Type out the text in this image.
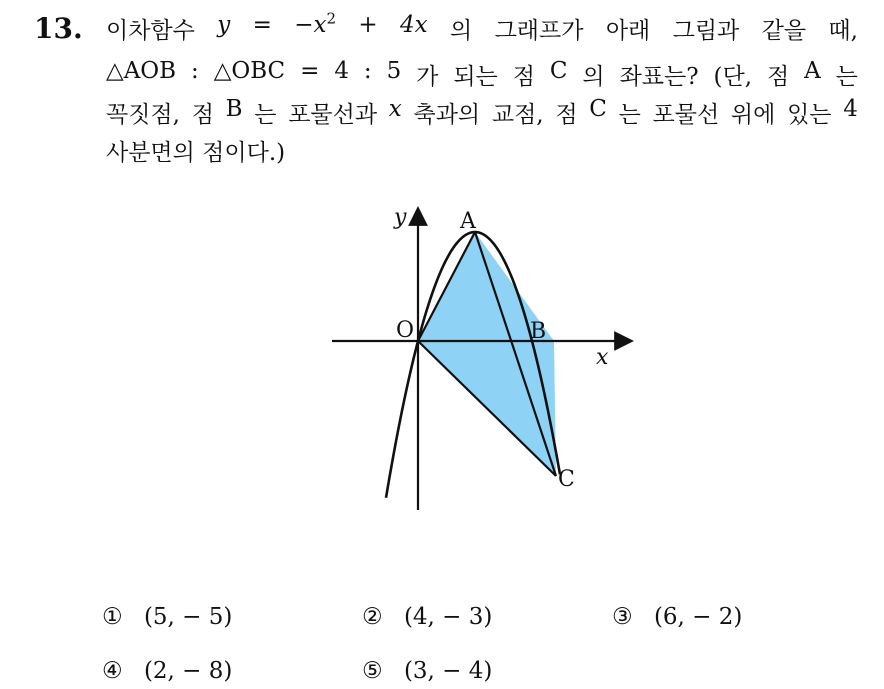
13. 이차함수 $y = -x^2 + 4x$ 의 그래프가 아래 그림과 같을 때,
△AOB : △OBC = 4 : 5 가 되는 점 C 의 좌표는? (단, 점 A 는
꼭짓점, 점 B 는 포물선과 x 축과의 교점, 점 C 는 포물선 위에 있는 4
사분면의 점이다.)
y
x
O
A
B
C
① (5, − 5)	② (4, − 3)	③ (6, − 2)
④ (2, − 8)	⑤ (3, − 4)
